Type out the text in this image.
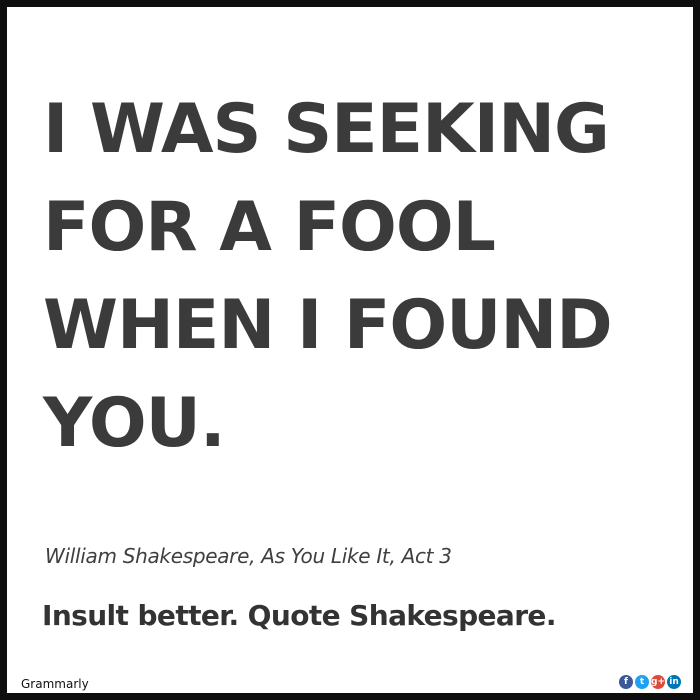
I WAS SEEKING
FOR A FOOL
WHEN I FOUND
YOU.
William Shakespeare, As You Like It, Act 3
Insult better. Quote Shakespeare.
Grammarly	f	t g+ in
